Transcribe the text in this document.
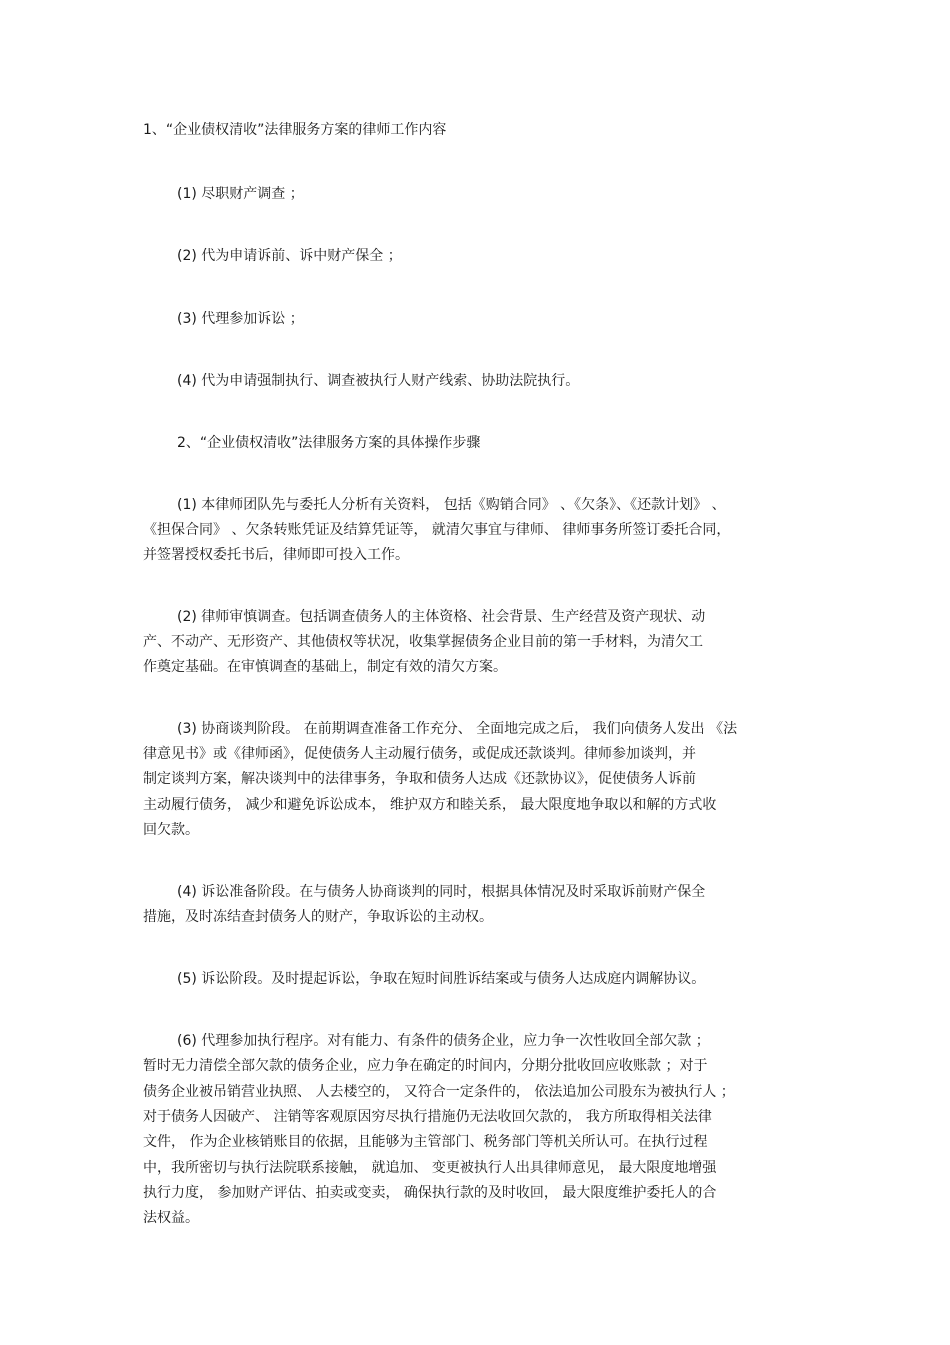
1、“企业债权清收”法律服务方案的律师工作内容
(1) 尽职财产调查 ；
(2) 代为申请诉前、诉中财产保全 ；
(3) 代理参加诉讼 ；
(4) 代为申请强制执行、调查被执行人财产线索、协助法院执行。
2、“企业债权清收”法律服务方案的具体操作步骤
(1) 本律师团队先与委托人分析有关资料， 包括《购销合同》 、《欠条》、《还款计划》 、
《担保合同》 、欠条转账凭证及结算凭证等， 就清欠事宜与律师、 律师事务所签订委托合同，
并签署授权委托书后，律师即可投入工作。
(2) 律师审慎调查。包括调查债务人的主体资格、社会背景、生产经营及资产现状、动
产、不动产、无形资产、其他债权等状况，收集掌握债务企业目前的第一手材料，为清欠工
作奠定基础。在审慎调查的基础上，制定有效的清欠方案。
(3) 协商谈判阶段。 在前期调查准备工作充分、 全面地完成之后， 我们向债务人发出 《法
律意见书》或《律师函》，促使债务人主动履行债务，或促成还款谈判。律师参加谈判，并
制定谈判方案，解决谈判中的法律事务，争取和债务人达成《还款协议》，促使债务人诉前
主动履行债务， 减少和避免诉讼成本， 维护双方和睦关系， 最大限度地争取以和解的方式收
回欠款。
(4) 诉讼准备阶段。在与债务人协商谈判的同时，根据具体情况及时采取诉前财产保全
措施，及时冻结查封债务人的财产，争取诉讼的主动权。
(5) 诉讼阶段。及时提起诉讼，争取在短时间胜诉结案或与债务人达成庭内调解协议。
(6) 代理参加执行程序。对有能力、有条件的债务企业，应力争一次性收回全部欠款 ；
暂时无力清偿全部欠款的债务企业，应力争在确定的时间内，分期分批收回应收账款 ；对于
债务企业被吊销营业执照、 人去楼空的， 又符合一定条件的， 依法追加公司股东为被执行人 ；
对于债务人因破产、 注销等客观原因穷尽执行措施仍无法收回欠款的， 我方所取得相关法律
文件， 作为企业核销账目的依据，且能够为主管部门、税务部门等机关所认可。在执行过程
中，我所密切与执行法院联系接触， 就追加、 变更被执行人出具律师意见， 最大限度地增强
执行力度， 参加财产评估、拍卖或变卖， 确保执行款的及时收回， 最大限度维护委托人的合
法权益。
